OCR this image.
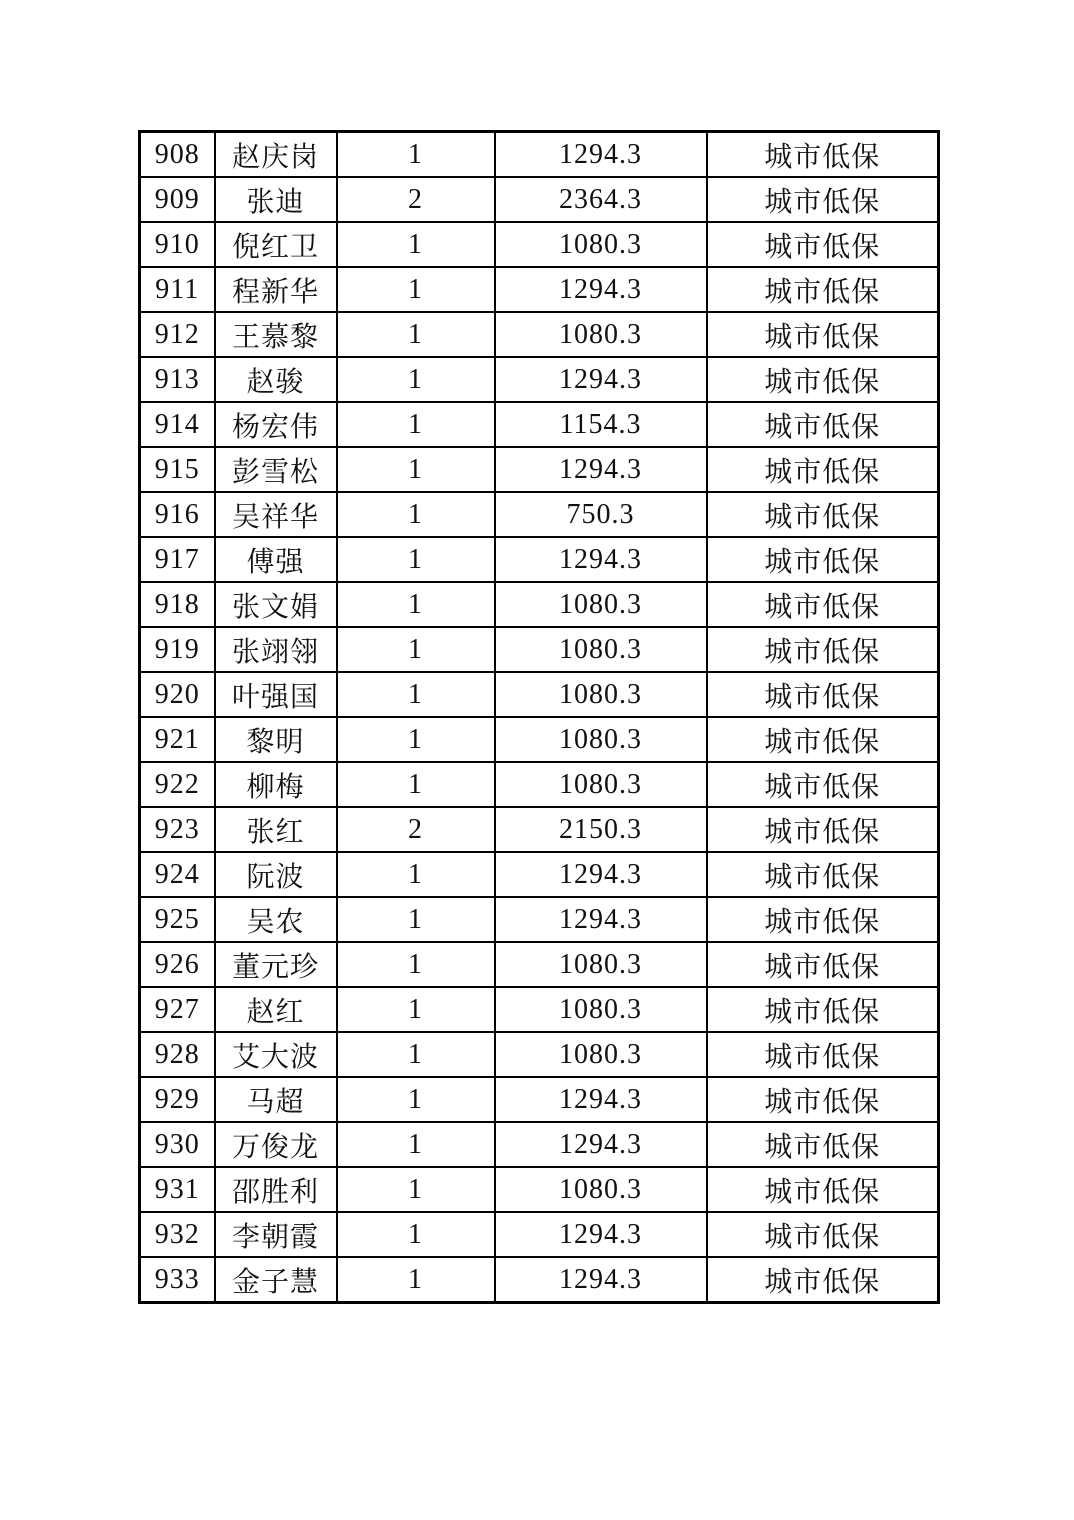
908	赵庆岗	1	1294.3	城市低保
909	张迪	2	2364.3	城市低保
910	倪红卫	1	1080.3	城市低保
911	程新华	1	1294.3	城市低保
912	王慕黎	1	1080.3	城市低保
913	赵骏	1	1294.3	城市低保
914	杨宏伟	1	1154.3	城市低保
915	彭雪松	1	1294.3	城市低保
916	吴祥华	1	750.3	城市低保
917	傅强	1	1294.3	城市低保
918	张文娟	1	1080.3	城市低保
919	张翊翎	1	1080.3	城市低保
920	叶强国	1	1080.3	城市低保
921	黎明	1	1080.3	城市低保
922	柳梅	1	1080.3	城市低保
923	张红	2	2150.3	城市低保
924	阮波	1	1294.3	城市低保
925	吴农	1	1294.3	城市低保
926	董元珍	1	1080.3	城市低保
927	赵红	1	1080.3	城市低保
928	艾大波	1	1080.3	城市低保
929	马超	1	1294.3	城市低保
930	万俊龙	1	1294.3	城市低保
931	邵胜利	1	1080.3	城市低保
932	李朝霞	1	1294.3	城市低保
933	金子慧	1	1294.3	城市低保
